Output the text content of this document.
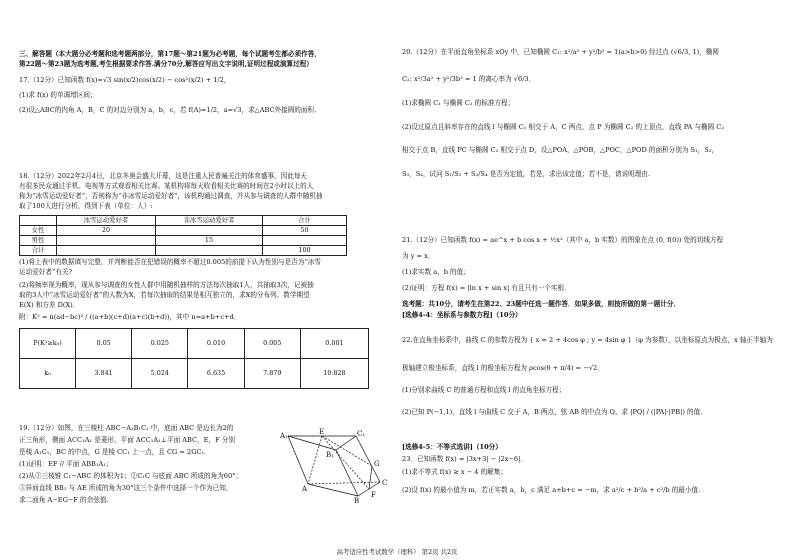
三、解答题（本大题分必考题和选考题两部分，第17题～第21题为必考题，每个试题考生都必须作答，
第22题～第23题为选考题,考生根据要求作答.满分70分,解答应写出文字说明,证明过程或演算过程）
17.（12分）已知函数 f(x)=√3 sin(x/2)cos(x/2) − cos²(x/2) + 1/2，
(1)求 f(x) 的单调增区间；
(2)设△ABC的内角 A，B，C 的对边分别为 a，b，c，若 f(A)=1/2，a=√3，求△ABC外接圆的面积.
18.（12分）2022年2月4日，北京冬奥会盛大开幕，这是注重人民普遍关注的体育盛事，因此每天
有很多民众通过手机、电视等方式观看相关比赛。某机构将每天收看相关比赛的时间在2小时以上的人
称为“冰雪运动爱好者”，否则称为“非冰雪运动爱好者”，该机构通过调查，并从参与调查的人群中随机抽
取了100人进行分析，得到下表（单位：人）:
	冰雪运动爱好者	非冰雪运动爱好者	合计
女性	20		50
男性		15	
合计			100
(1)将上表中的数据填写完整，并判断能否在犯错误的概率不超过0.005的前提下认为性别与是否为“冰雪
运动爱好者”有关?
(2)将频率视为概率，现从参与调查的女性人群中用随机抽样的方法每次抽取1人，共抽取3次，记被抽
取的3人中“冰雪运动爱好者”的人数为X，若每次抽取的结果是相互独立的，求X的分布列、数学期望
E(X) 和方差 D(X)．
附：K² = n(ad−bc)² / ((a+b)(c+d)(a+c)(b+d))，其中 n=a+b+c+d．
P(K²≥k₀)	0.05	0.025	0.010	0.005	0.001
k₀	3.841	5.024	6.635	7.879	10.828
19.（12分）如图，在三棱柱 ABC−A₁B₁C₁ 中，底面 ABC 是边长为2的
正三角形，侧面 ACC₁A₁ 是菱形，平面 ACC₁A₁⊥平面 ABC，E，F 分别
是棱 A₁C₁，BC 的中点，G 是棱 CC₁ 上一点，且 CG = 2GC₁．
(1)证明：EF // 平面 ABB₁A₁；
(2)从①三棱锥 C₁−ABC 的体积为1；②C₁C 与底面 ABC 所成的角为60°；
③异面直线 BB₁ 与 AE 所成的角为30°这三个条件中选择一个作为已知，
求二面角 A−EG−F 的余弦值.
A₁	E	C₁
B₁
G
A
C
B
F
20.（12分）在平面直角坐标系 xOy 中，已知椭圆 C₁: x²/a² + y²/b² = 1(a>b>0) 经过点 (√6/3, 1)，椭圆
C₂: x²/3a² + y²/3b² = 1 的离心率为 √6/3．
(1)求椭圆 C₁ 与椭圆 C₂ 的标准方程；
(2)设过原点且斜率存在的直线 l 与椭圆 C₁ 相交于 A，C 两点，点 P 为椭圆 C₂ 的上顶点，直线 PA 与椭圆 C₂
相交于点 B，直线 PC 与椭圆 C₂ 相交于点 D，设△POA，△POB，△POC，△POD 的面积分别为 S₁，S₂，
S₃，S₄，试问 S₁/S₂ + S₃/S₄ 是否为定值，若是，求出该定值；若不是，请说明理由.
21.（12分）已知函数 f(x) = ae^x + b cos x + ½x²（其中 a，b 实数）的图象在点 (0, f(0)) 处的切线方程
为 y = x．
(1)求实数 a，b 的值；
(2)证明：方程 f(x) = |ln x + sin x| 有且只有一个实根.
选考题：共10分，请考生在第22、23题中任选一题作答．如果多做，则按所做的第一题计分．
[选修4-4：坐标系与参数方程]（10分）
22.在直角坐标系中，曲线 C 的参数方程为 { x = 2 + 4cos φ ; y = 4sin φ }（φ 为参数），以坐标原点为极点，x 轴正半轴为
极轴建立极坐标系，直线 l 的极坐标方程为 ρcos(θ + π/4) = −√2．
(1)分别求曲线 C 的普通方程和直线 l 的直角坐标方程；
(2)已知 P(−1,1)，直线 l 与曲线 C 交于 A，B 两点，弦 AB 的中点为 Q，求 |PQ| / (|PA|·|PB|) 的值.
[选修4-5：不等式选讲]（10分）
23．已知函数 f(x) = |3x+3| − |2x−6|．
(1)求不等式 f(x) ≥ x − 4 的解集；
(2)设 f(x) 的最小值为 m，若正实数 a，b，c 满足 a+b+c = −m，求 a²/c + b²/a + c²/b 的最小值.
高考适应性考试数学（理科） 第2页 共2页
